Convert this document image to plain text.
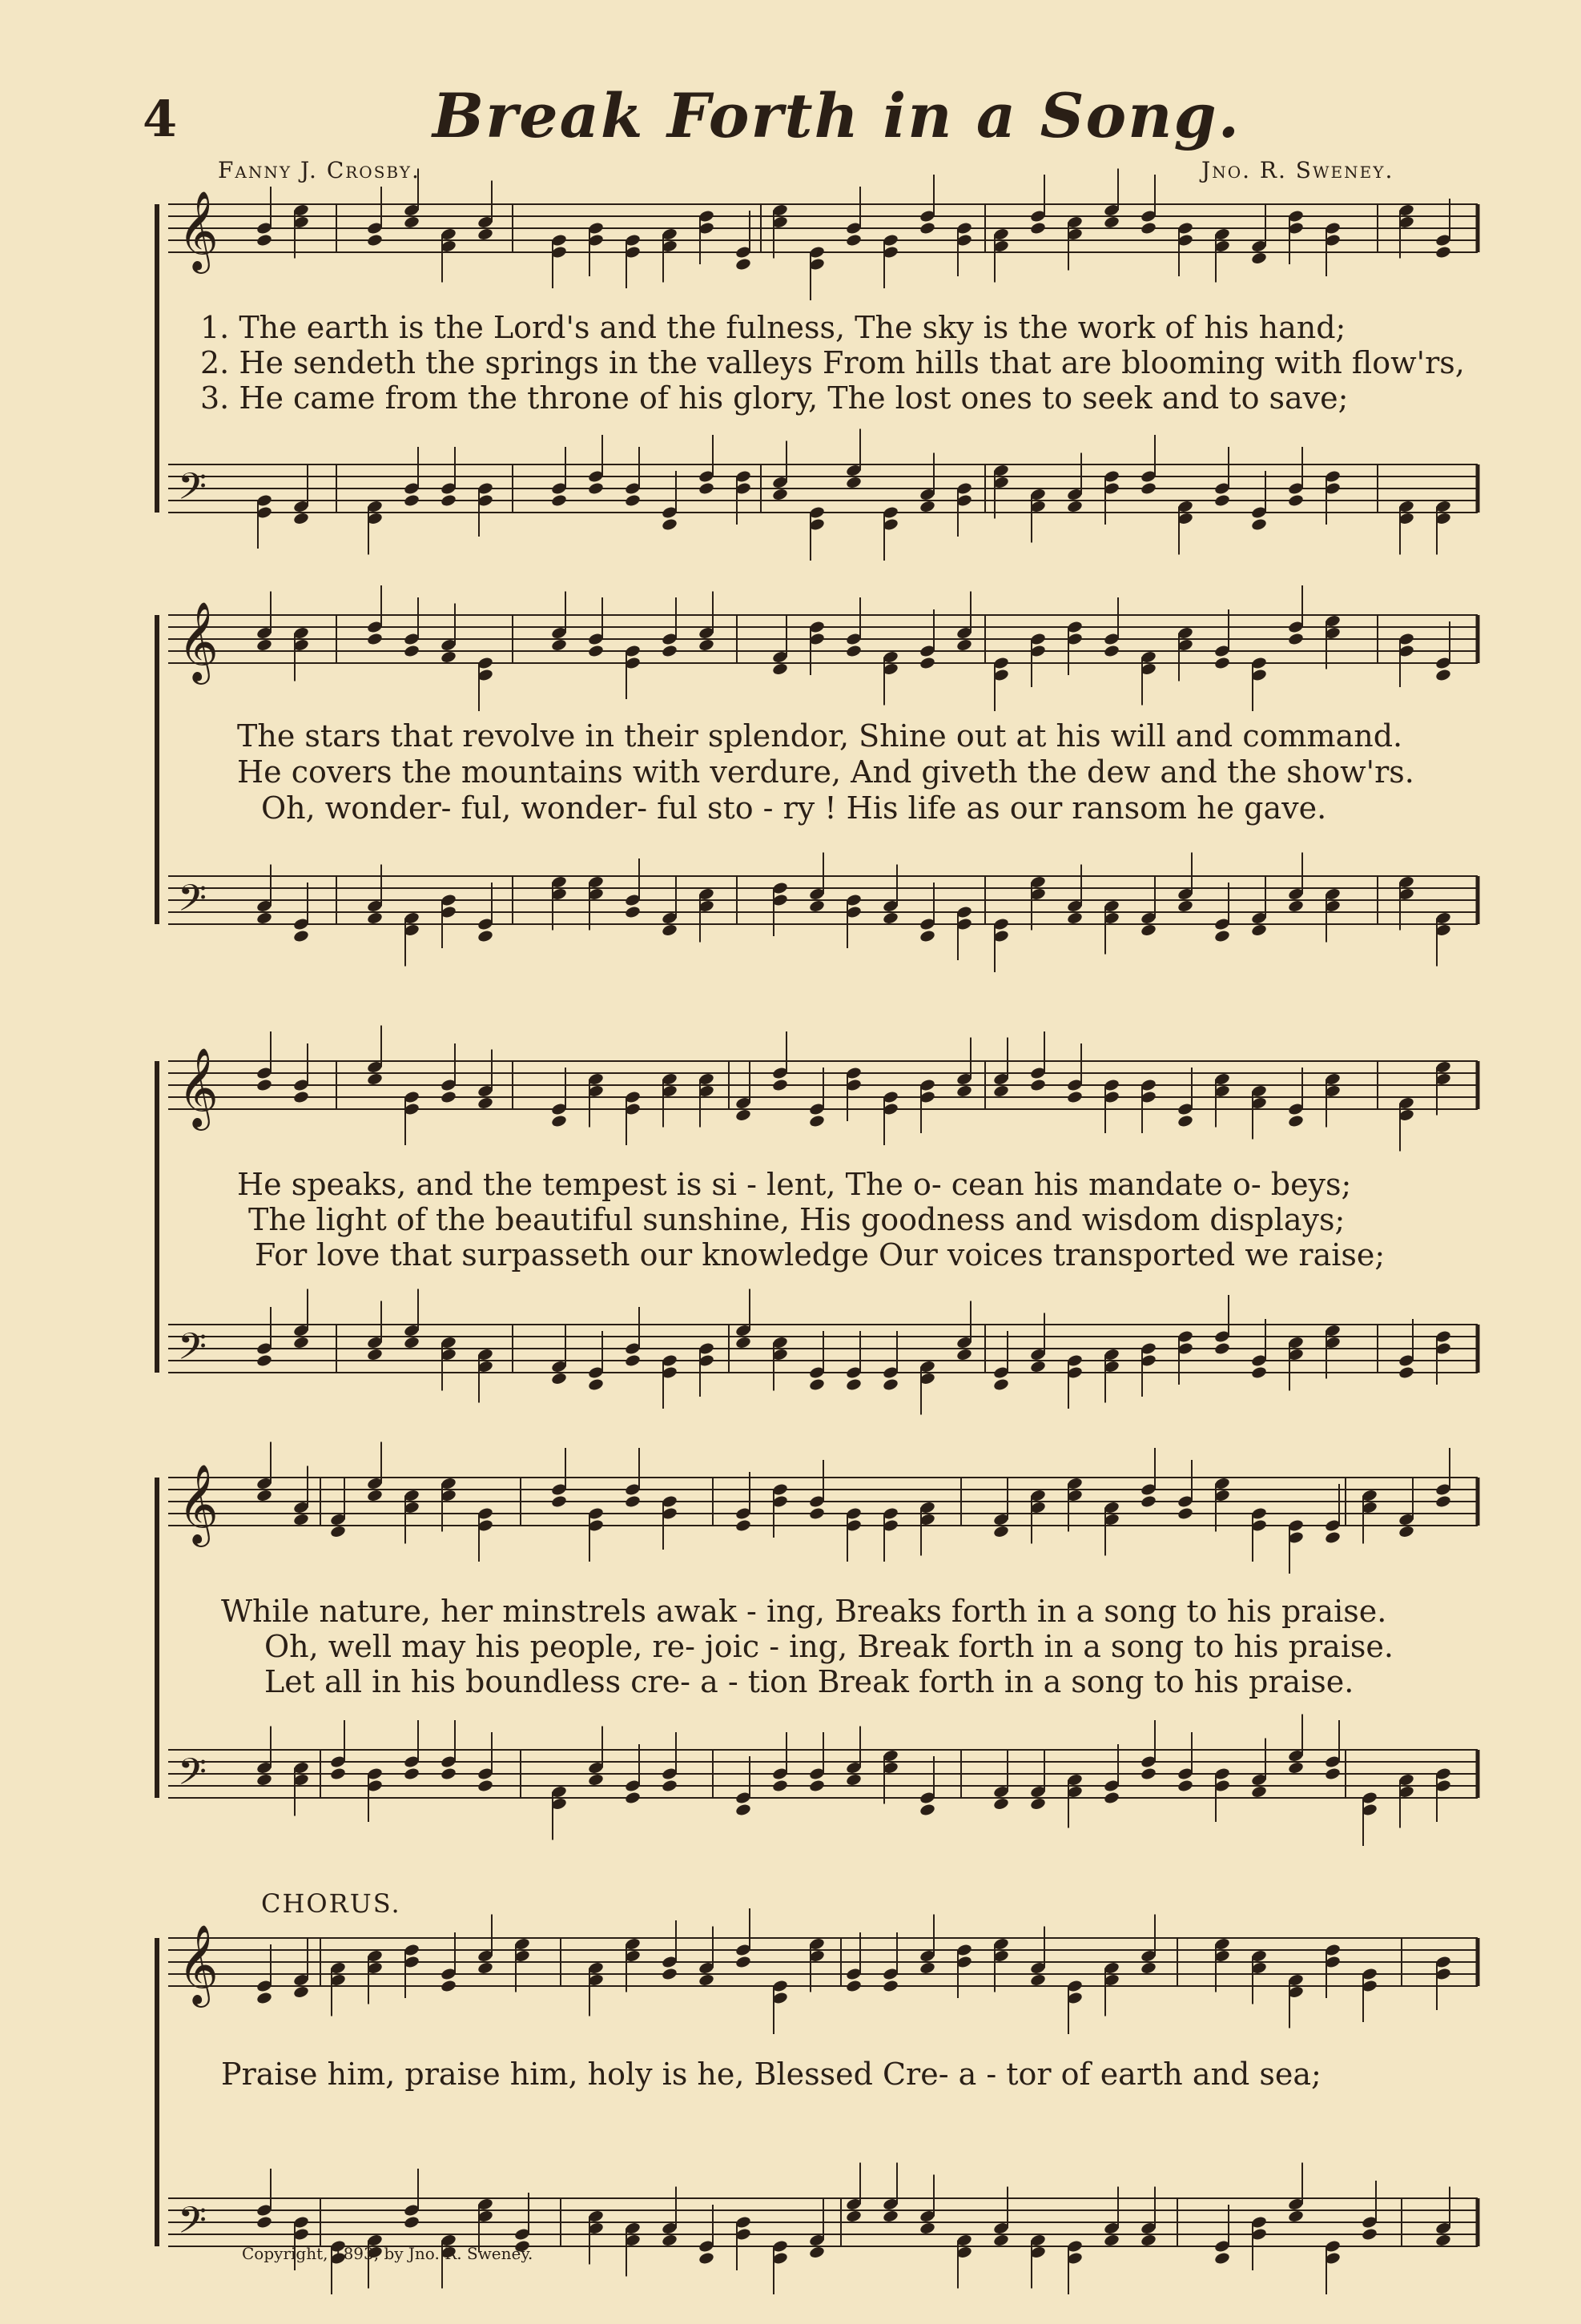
4	Break Forth in a Song.
Fanny J. Crosby.	Jno. R. Sweney.
𝄞
𝄢
𝄞
𝄢
𝄞
𝄢
𝄞
𝄢
𝄞
𝄢
1. The earth is the Lord's and the fulness, The sky is the work of his hand;
2. He sendeth the springs in the valleys From hills that are blooming with flow'rs,
3. He came from the throne of his glory, The lost ones to seek and to save;
The stars that revolve in their splendor, Shine out at his will and command.
He covers the mountains with verdure, And giveth the dew and the show'rs.
Oh, wonder- ful, wonder- ful sto - ry ! His life as our ransom he gave.
He speaks, and the tempest is si - lent, The o- cean his mandate o- beys;
The light of the beautiful sunshine, His goodness and wisdom displays;
For love that surpasseth our knowledge Our voices transported we raise;
While nature, her minstrels awak - ing, Breaks forth in a song to his praise.
Oh, well may his people, re- joic - ing, Break forth in a song to his praise.
Let all in his boundless cre- a - tion Break forth in a song to his praise.
CHORUS.
Praise him, praise him, holy is he, Blessed Cre- a - tor of earth and sea;
Copyright, 1893, by Jno. R. Sweney.
